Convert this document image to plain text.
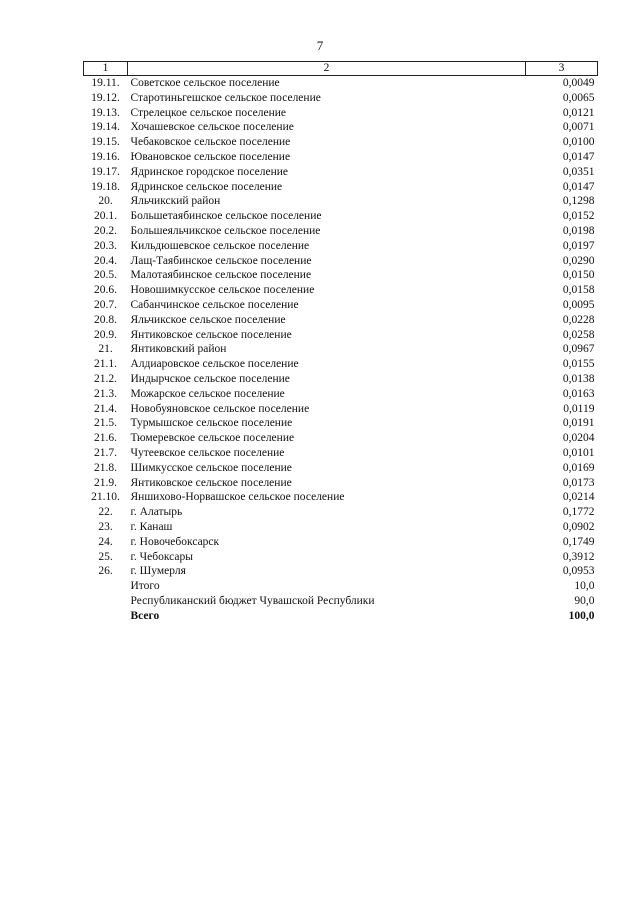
7
1	2	3
19.11.	Советское сельское поселение	0,0049
19.12.	Старотиньгешское сельское поселение	0,0065
19.13.	Стрелецкое сельское поселение	0,0121
19.14.	Хочашевское сельское поселение	0,0071
19.15.	Чебаковское сельское поселение	0,0100
19.16.	Ювановское сельское поселение	0,0147
19.17.	Ядринское городское поселение	0,0351
19.18.	Ядринское сельское поселение	0,0147
20.	Яльчикский район	0,1298
20.1.	Большетаябинское сельское поселение	0,0152
20.2.	Большеяльчикское сельское поселение	0,0198
20.3.	Кильдюшевское сельское поселение	0,0197
20.4.	Лащ-Таябинское сельское поселение	0,0290
20.5.	Малотаябинское сельское поселение	0,0150
20.6.	Новошимкусское сельское поселение	0,0158
20.7.	Сабанчинское сельское поселение	0,0095
20.8.	Яльчикское сельское поселение	0,0228
20.9.	Янтиковское сельское поселение	0,0258
21.	Янтиковский район	0,0967
21.1.	Алдиаровское сельское поселение	0,0155
21.2.	Индырчское сельское поселение	0,0138
21.3.	Можарское сельское поселение	0,0163
21.4.	Новобуяновское сельское поселение	0,0119
21.5.	Турмышское сельское поселение	0,0191
21.6.	Тюмеревское сельское поселение	0,0204
21.7.	Чутеевское сельское поселение	0,0101
21.8.	Шимкусское сельское поселение	0,0169
21.9.	Янтиковское сельское поселение	0,0173
21.10.	Яншихово-Норвашское сельское поселение	0,0214
22.	г. Алатырь	0,1772
23.	г. Канаш	0,0902
24.	г. Новочебоксарск	0,1749
25.	г. Чебоксары	0,3912
26.	г. Шумерля	0,0953
	Итого	10,0
	Республиканский бюджет Чувашской Республики	90,0
	Всего	100,0
